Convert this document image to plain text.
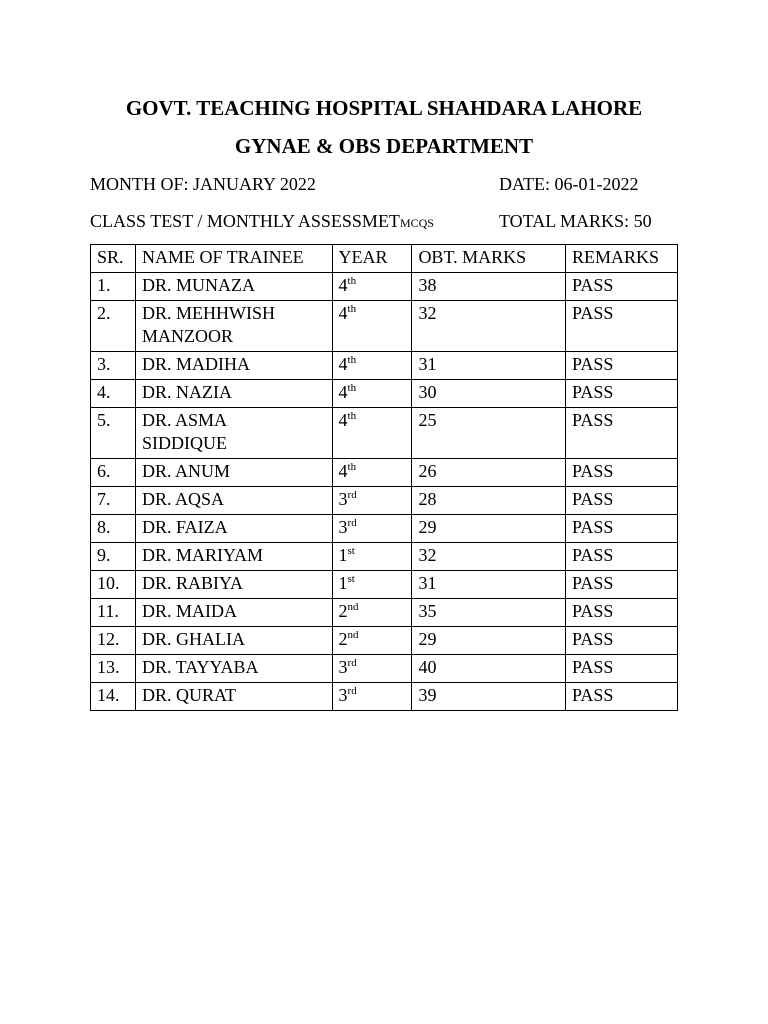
GOVT. TEACHING HOSPITAL SHAHDARA LAHORE
GYNAE & OBS DEPARTMENT
MONTH OF: JANUARY 2022	DATE: 06-01-2022
CLASS TEST / MONTHLY ASSESSMETMCQS	TOTAL MARKS: 50
SR.	NAME OF TRAINEE	YEAR	OBT. MARKS	REMARKS
1.	DR. MUNAZA	4th	38	PASS
2.	DR. MEHHWISH
MANZOOR	4th	32	PASS
3.	DR. MADIHA	4th	31	PASS
4.	DR. NAZIA	4th	30	PASS
5.	DR. ASMA
SIDDIQUE	4th	25	PASS
6.	DR. ANUM	4th	26	PASS
7.	DR. AQSA	3rd	28	PASS
8.	DR. FAIZA	3rd	29	PASS
9.	DR. MARIYAM	1st	32	PASS
10.	DR. RABIYA	1st	31	PASS
11.	DR. MAIDA	2nd	35	PASS
12.	DR. GHALIA	2nd	29	PASS
13.	DR. TAYYABA	3rd	40	PASS
14.	DR. QURAT	3rd	39	PASS
